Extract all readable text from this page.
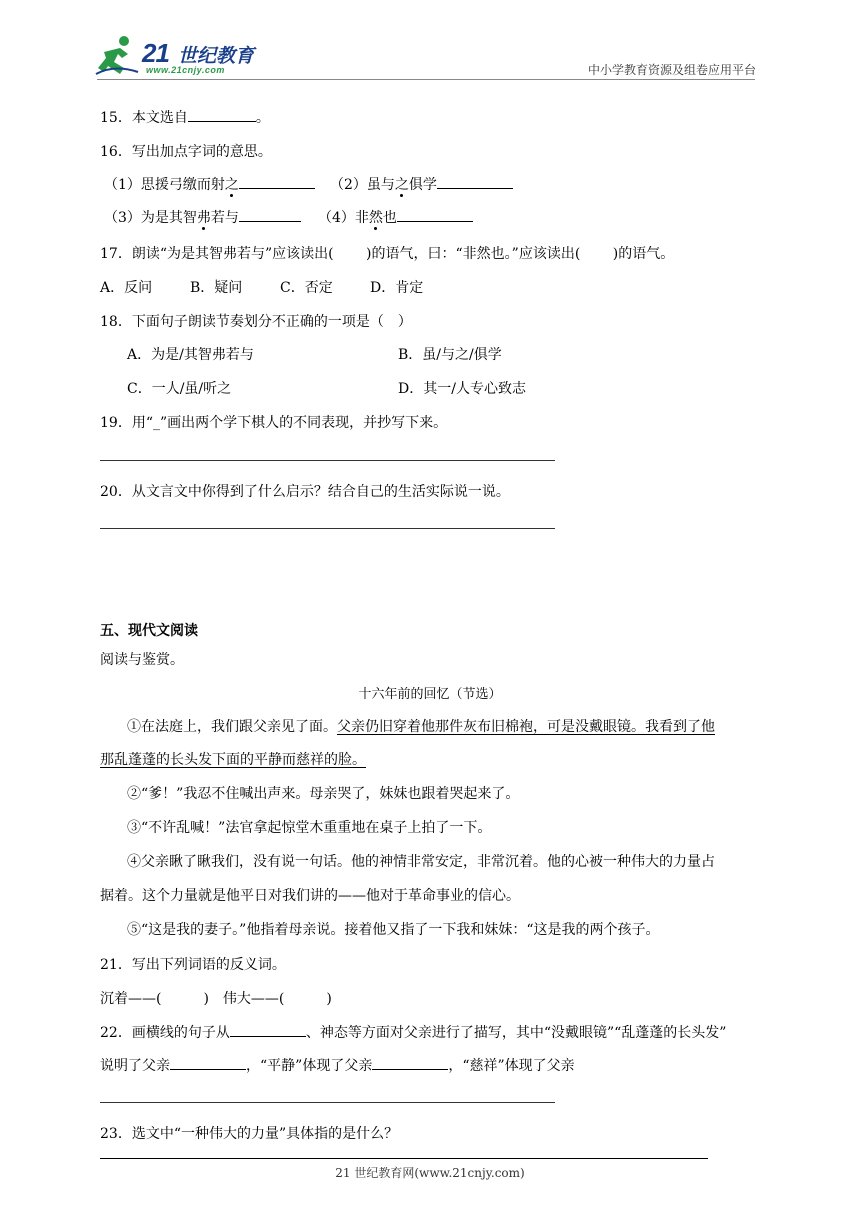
21 世纪教育
www.21cnjy.com	中小学教育资源及组卷应用平台
15．本文选自	。
16．写出加点字词的意思。
（1）思援弓缴而射之	（2）虽与之俱学
（3）为是其智弗若与	（4）非然也
17．朗读“为是其智弗若与”应该读出(　　 )的语气，曰：“非然也。”应该读出(　　 )的语气。
A．反问	B．疑问	C．否定	D．肯定
18．下面句子朗读节奏划分不正确的一项是（　）
A．为是/其智弗若与	B．虽/与之/俱学
C．一人/虽/听之	D．其一/人专心致志
19．用“_”画出两个学下棋人的不同表现，并抄写下来。
20．从文言文中你得到了什么启示？结合自己的生活实际说一说。
五、现代文阅读
阅读与鉴赏。
十六年前的回忆（节选）
①在法庭上，我们跟父亲见了面。父亲仍旧穿着他那件灰布旧棉袍，可是没戴眼镜。我看到了他
那乱蓬蓬的长头发下面的平静而慈祥的脸。
②“爹！”我忍不住喊出声来。母亲哭了，妹妹也跟着哭起来了。
③“不许乱喊！”法官拿起惊堂木重重地在桌子上拍了一下。
④父亲瞅了瞅我们，没有说一句话。他的神情非常安定，非常沉着。他的心被一种伟大的力量占
据着。这个力量就是他平日对我们讲的——他对于革命事业的信心。
⑤“这是我的妻子。”他指着母亲说。接着他又指了一下我和妹妹：“这是我的两个孩子。
21．写出下列词语的反义词。
沉着——(　　　)　伟大——(　　　)
22．画横线的句子从	、神态等方面对父亲进行了描写，其中“没戴眼镜”“乱蓬蓬的长头发”
说明了父亲	，“平静”体现了父亲	，“慈祥”体现了父亲
23．选文中“一种伟大的力量”具体指的是什么？
21 世纪教育网(www.21cnjy.com)
